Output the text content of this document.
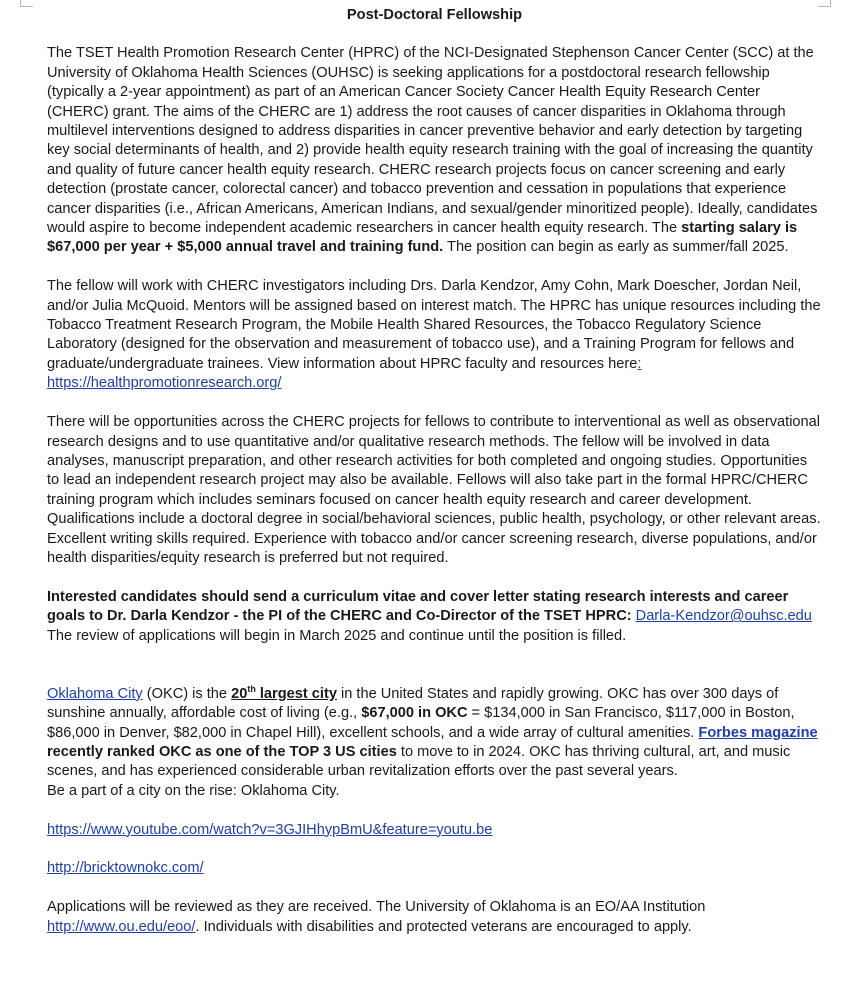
Post-Doctoral Fellowship

The TSET Health Promotion Research Center (HPRC) of the NCI-Designated Stephenson Cancer Center (SCC) at the University of Oklahoma Health Sciences (OUHSC) is seeking applications for a postdoctoral research fellowship (typically a 2-year appointment) as part of an American Cancer Society Cancer Health Equity Research Center (CHERC) grant. The aims of the CHERC are 1) address the root causes of cancer disparities in Oklahoma through multilevel interventions designed to address disparities in cancer preventive behavior and early detection by targeting key social determinants of health, and 2) provide health equity research training with the goal of increasing the quantity and quality of future cancer health equity research. CHERC research projects focus on cancer screening and early detection (prostate cancer, colorectal cancer) and tobacco prevention and cessation in populations that experience cancer disparities (i.e., African Americans, American Indians, and sexual/gender minoritized people). Ideally, candidates would aspire to become independent academic researchers in cancer health equity research. The starting salary is $67,000 per year + $5,000 annual travel and training fund. The position can begin as early as summer/fall 2025.

The fellow will work with CHERC investigators including Drs. Darla Kendzor, Amy Cohn, Mark Doescher, Jordan Neil, and/or Julia McQuoid. Mentors will be assigned based on interest match. The HPRC has unique resources including the Tobacco Treatment Research Program, the Mobile Health Shared Resources, the Tobacco Regulatory Science Laboratory (designed for the observation and measurement of tobacco use), and a Training Program for fellows and graduate/undergraduate trainees. View information about HPRC faculty and resources here: https://healthpromotionresearch.org/

There will be opportunities across the CHERC projects for fellows to contribute to interventional as well as observational research designs and to use quantitative and/or qualitative research methods. The fellow will be involved in data analyses, manuscript preparation, and other research activities for both completed and ongoing studies. Opportunities to lead an independent research project may also be available. Fellows will also take part in the formal HPRC/CHERC training program which includes seminars focused on cancer health equity research and career development. Qualifications include a doctoral degree in social/behavioral sciences, public health, psychology, or other relevant areas. Excellent writing skills required. Experience with tobacco and/or cancer screening research, diverse populations, and/or health disparities/equity research is preferred but not required.

Interested candidates should send a curriculum vitae and cover letter stating research interests and career goals to Dr. Darla Kendzor - the PI of the CHERC and Co-Director of the TSET HPRC: Darla-Kendzor@ouhsc.edu The review of applications will begin in March 2025 and continue until the position is filled.

Oklahoma City (OKC) is the 20th largest city in the United States and rapidly growing. OKC has over 300 days of sunshine annually, affordable cost of living (e.g., $67,000 in OKC = $134,000 in San Francisco, $117,000 in Boston, $86,000 in Denver, $82,000 in Chapel Hill), excellent schools, and a wide array of cultural amenities. Forbes magazine recently ranked OKC as one of the TOP 3 US cities to move to in 2024. OKC has thriving cultural, art, and music scenes, and has experienced considerable urban revitalization efforts over the past several years.
Be a part of a city on the rise: Oklahoma City.

https://www.youtube.com/watch?v=3GJIHhypBmU&feature=youtu.be

http://bricktownokc.com/

Applications will be reviewed as they are received. The University of Oklahoma is an EO/AA Institution http://www.ou.edu/eoo/. Individuals with disabilities and protected veterans are encouraged to apply.
